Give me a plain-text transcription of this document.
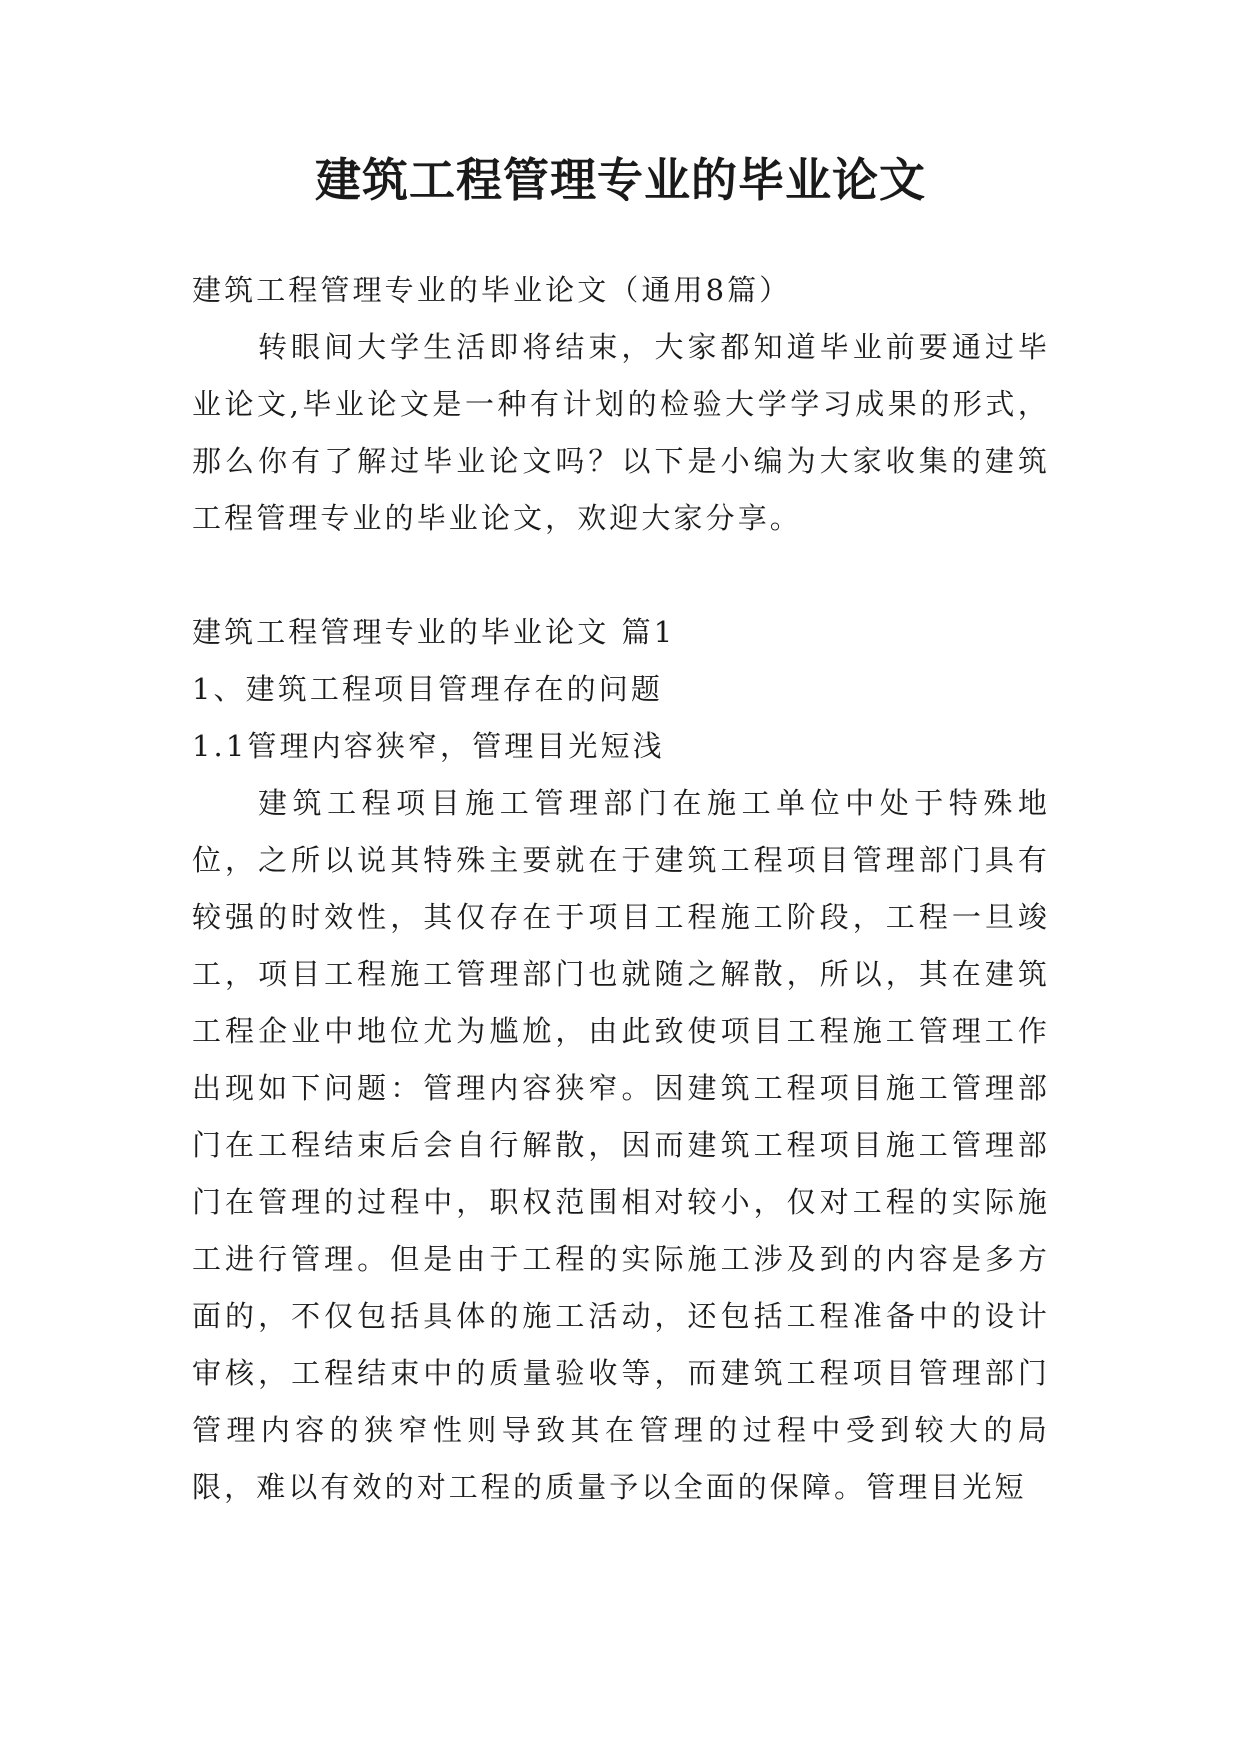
建筑工程管理专业的毕业论文

建筑工程管理专业的毕业论文（通用8篇）

转眼间大学生活即将结束，大家都知道毕业前要通过毕业论文,毕业论文是一种有计划的检验大学学习成果的形式，那么你有了解过毕业论文吗？以下是小编为大家收集的建筑工程管理专业的毕业论文，欢迎大家分享。

建筑工程管理专业的毕业论文 篇1

1、建筑工程项目管理存在的问题

1.1管理内容狭窄，管理目光短浅

建筑工程项目施工管理部门在施工单位中处于特殊地位，之所以说其特殊主要就在于建筑工程项目管理部门具有较强的时效性，其仅存在于项目工程施工阶段，工程一旦竣工，项目工程施工管理部门也就随之解散，所以，其在建筑工程企业中地位尤为尴尬，由此致使项目工程施工管理工作出现如下问题：管理内容狭窄。因建筑工程项目施工管理部门在工程结束后会自行解散，因而建筑工程项目施工管理部门在管理的过程中，职权范围相对较小，仅对工程的实际施工进行管理。但是由于工程的实际施工涉及到的内容是多方面的，不仅包括具体的施工活动，还包括工程准备中的设计审核，工程结束中的质量验收等，而建筑工程项目管理部门管理内容的狭窄性则导致其在管理的过程中受到较大的局限，难以有效的对工程的质量予以全面的保障。管理目光短
